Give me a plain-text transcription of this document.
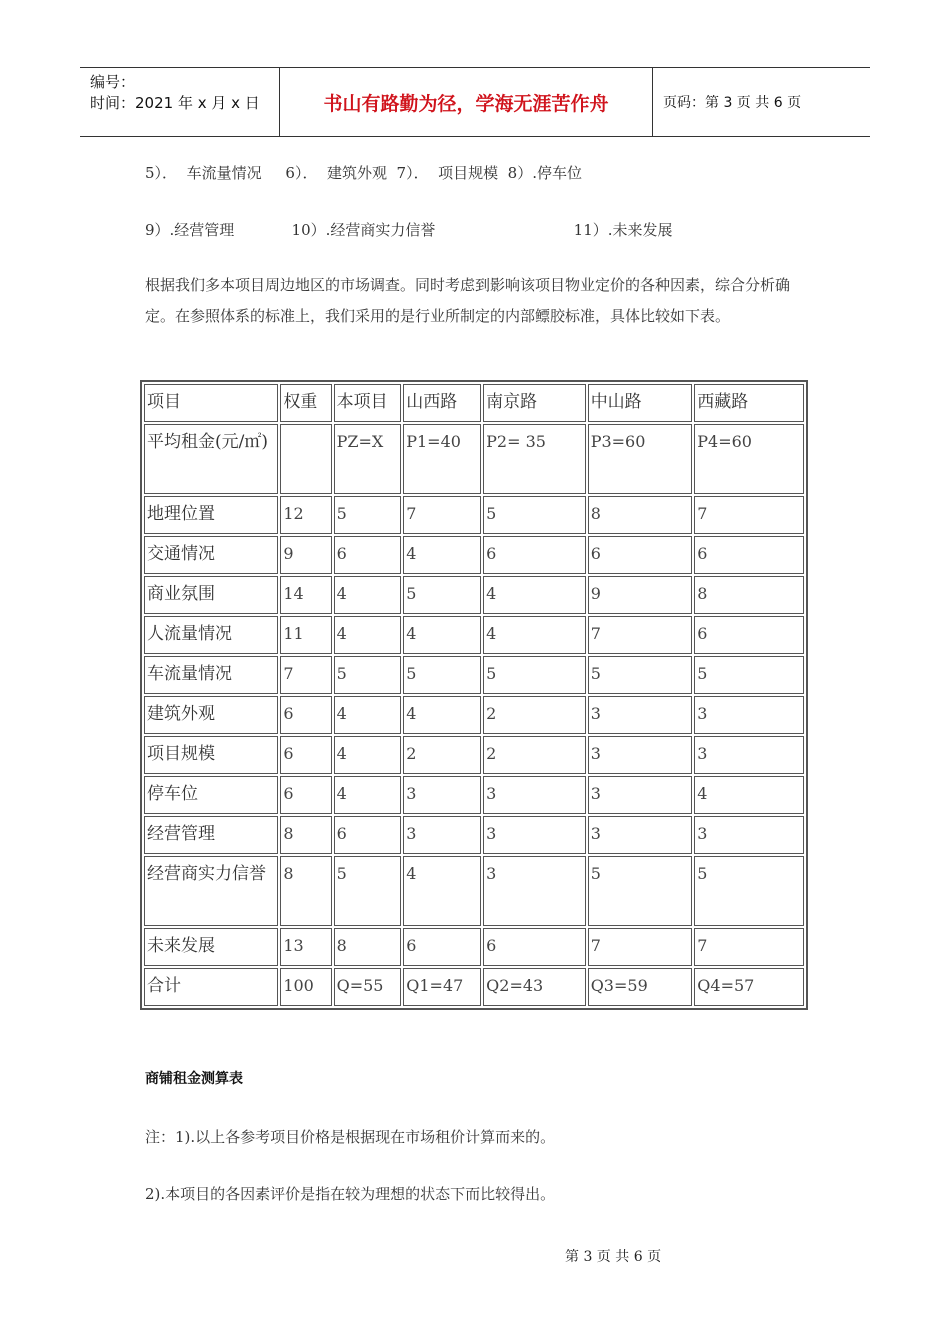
编号：
时间：2021 年 x 月 x 日	书山有路勤为径，学海无涯苦作舟	页码：第 3 页 共 6 页
5）．  车流量情况     6）．  建筑外观  7）．  项目规模  8）.停车位
9）.经营管理            10）.经营商实力信誉                             11）.未来发展
根据我们多本项目周边地区的市场调查。同时考虑到影响该项目物业定价的各种因素，综合分析确定。在参照体系的标准上，我们采用的是行业所制定的内部鳔胶标准，具体比较如下表。
项目	权重	本项目	山西路	南京路	中山路	西藏路
平均租金(元/㎡)		PZ=X	P1=40	P2= 35	P3=60	P4=60
地理位置	12	5	7	5	8	7
交通情况	9	6	4	6	6	6
商业氛围	14	4	5	4	9	8
人流量情况	11	4	4	4	7	6
车流量情况	7	5	5	5	5	5
建筑外观	6	4	4	2	3	3
项目规模	6	4	2	2	3	3
停车位	6	4	3	3	3	4
经营管理	8	6	3	3	3	3
经营商实力信誉	8	5	4	3	5	5
未来发展	13	8	6	6	7	7
合计	100	Q=55	Q1=47	Q2=43	Q3=59	Q4=57
商铺租金测算表
注：1).以上各参考项目价格是根据现在市场租价计算而来的。
2).本项目的各因素评价是指在较为理想的状态下而比较得出。
第 3 页 共 6 页
